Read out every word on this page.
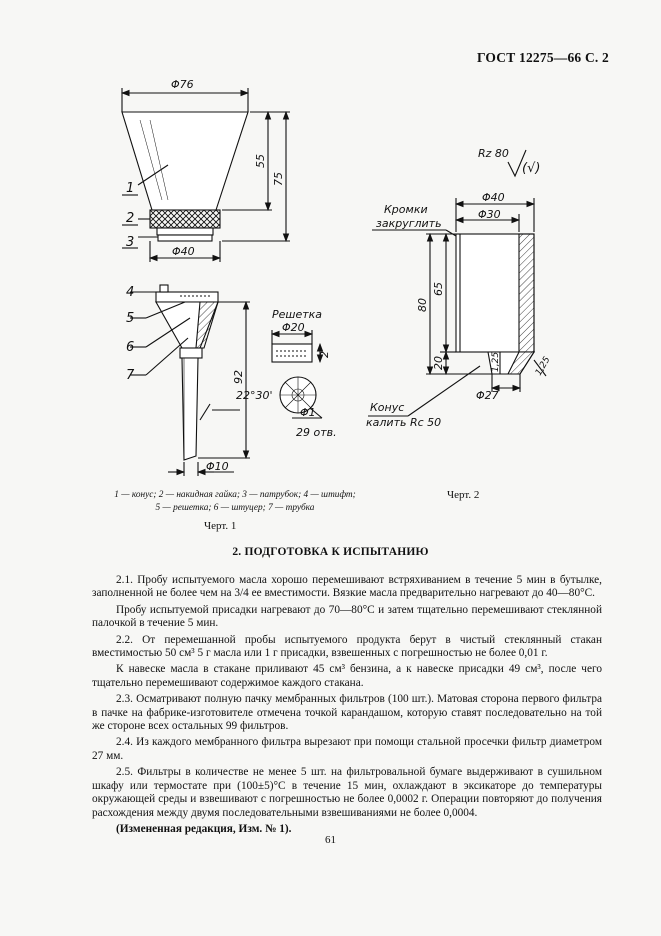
ГОСТ 12275—66 С. 2
Φ76
55
75
Φ40
92
22°30'
Φ10
1
2
3
4
5
6
7
Решетка
Φ20
2
Φ1
29 отв.
Rz 80
(√)
Кромки
закруглить
Φ40
Φ30
80
65
20	1,25	1,25
Φ27
Конус
калить Rc 50
1 — конус; 2 — накидная гайка; 3 — патрубок; 4 — штифт;
5 — решетка; 6 — штуцер; 7 — трубка
Черт. 1
Черт. 2
2. ПОДГОТОВКА К ИСПЫТАНИЮ

2.1. Пробу испытуемого масла хорошо перемешивают встряхиванием в течение 5 мин в бутылке, заполненной не более чем на 3/4 ее вместимости. Вязкие масла предварительно нагревают до 40—80°С.

Пробу испытуемой присадки нагревают до 70—80°С и затем тщательно перемешивают стеклянной палочкой в течение 5 мин.

2.2. От перемешанной пробы испытуемого продукта берут в чистый стеклянный стакан вместимостью 50 см³ 5 г масла или 1 г присадки, взвешенных с погрешностью не более 0,01 г.

К навеске масла в стакане приливают 45 см³ бензина, а к навеске присадки 49 см³, после чего тщательно перемешивают содержимое каждого стакана.

2.3. Осматривают полную пачку мембранных фильтров (100 шт.). Матовая сторона первого фильтра в пачке на фабрике-изготовителе отмечена точкой карандашом, которую ставят последовательно на той же стороне всех остальных 99 фильтров.

2.4. Из каждого мембранного фильтра вырезают при помощи стальной просечки фильтр диаметром 27 мм.

2.5. Фильтры в количестве не менее 5 шт. на фильтровальной бумаге выдерживают в сушильном шкафу или термостате при (100±5)°С в течение 15 мин, охлаждают в эксикаторе до температуры окружающей среды и взвешивают с погрешностью не более 0,0002 г. Операции повторяют до получения расхождения между двумя последовательными взвешиваниями не более 0,0004.

(Измененная редакция, Изм. № 1).

61
